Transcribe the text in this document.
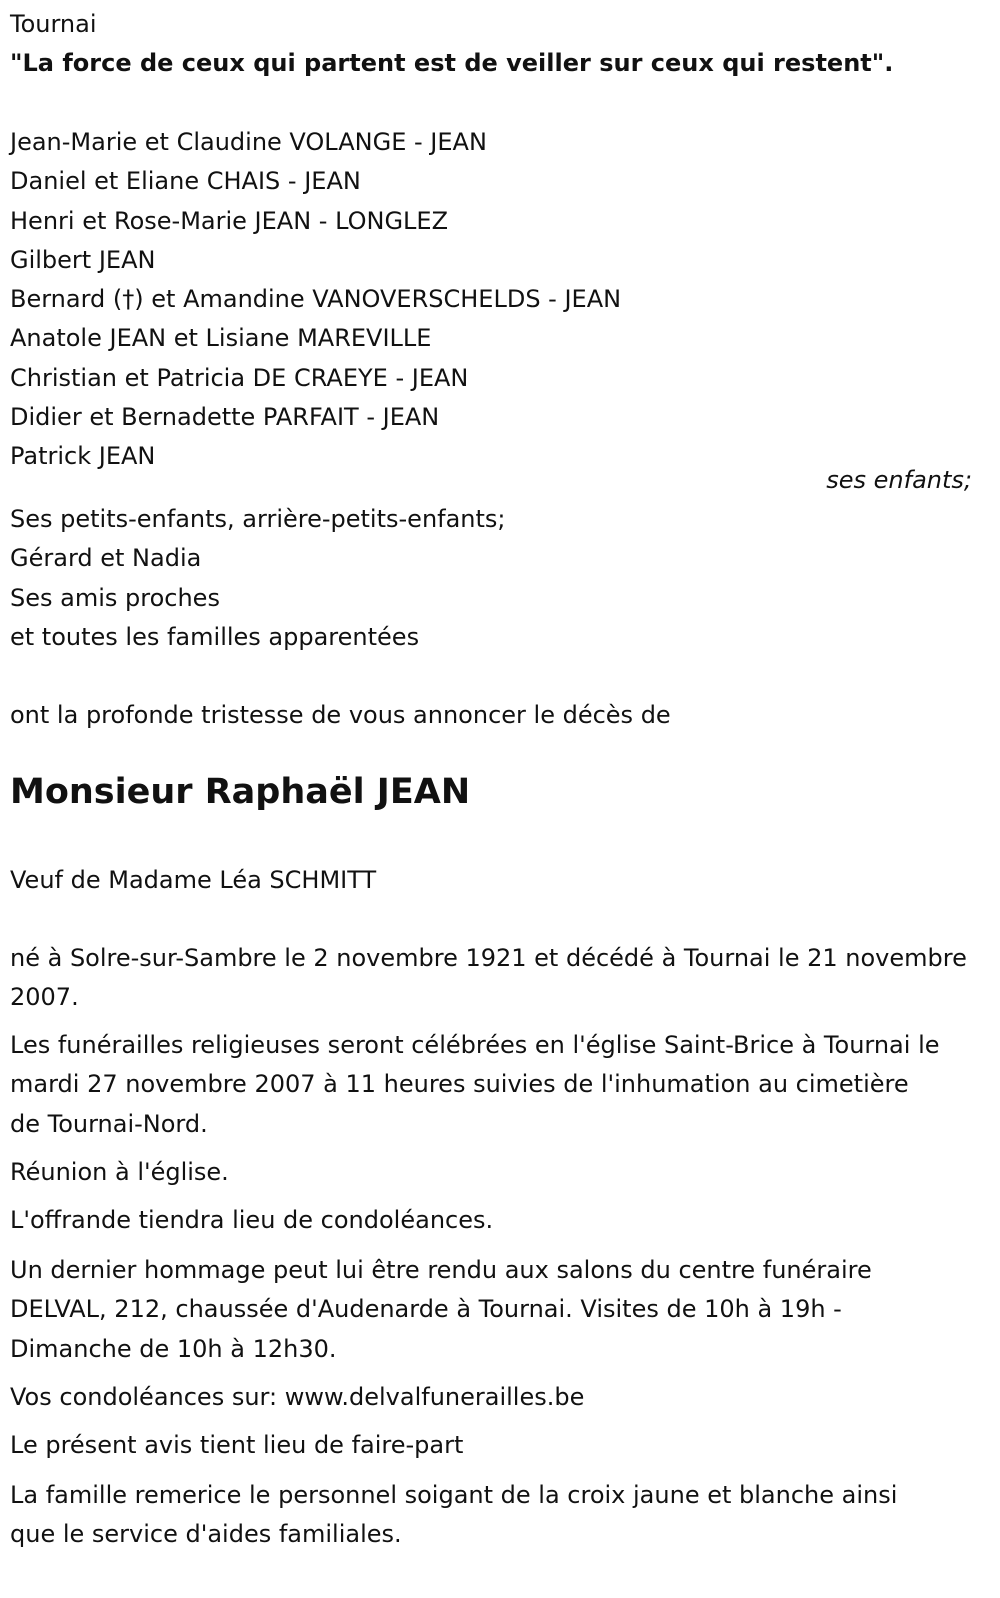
Tournai
"La force de ceux qui partent est de veiller sur ceux qui restent".
Jean-Marie et Claudine VOLANGE - JEAN
Daniel et Eliane CHAIS - JEAN
Henri et Rose-Marie JEAN - LONGLEZ
Gilbert JEAN
Bernard (†) et Amandine VANOVERSCHELDS - JEAN
Anatole JEAN et Lisiane MAREVILLE
Christian et Patricia DE CRAEYE - JEAN
Didier et Bernadette PARFAIT - JEAN
Patrick JEAN
ses enfants;
Ses petits-enfants, arrière-petits-enfants;
Gérard et Nadia
Ses amis proches
et toutes les familles apparentées
ont la profonde tristesse de vous annoncer le décès de
Monsieur Raphaël JEAN
Veuf de Madame Léa SCHMITT
né à Solre-sur-Sambre le 2 novembre 1921 et décédé à Tournai le 21 novembre 2007.
Les funérailles religieuses seront célébrées en l'église Saint-Brice à Tournai le mardi 27 novembre 2007 à 11 heures suivies de l'inhumation au cimetière de Tournai-Nord.
Réunion à l'église.
L'offrande tiendra lieu de condoléances.
Un dernier hommage peut lui être rendu aux salons du centre funéraire DELVAL, 212, chaussée d'Audenarde à Tournai. Visites de 10h à 19h - Dimanche de 10h à 12h30.
Vos condoléances sur: www.delvalfunerailles.be
Le présent avis tient lieu de faire-part
La famille remerice le personnel soigant de la croix jaune et blanche ainsi que le service d'aides familiales.
